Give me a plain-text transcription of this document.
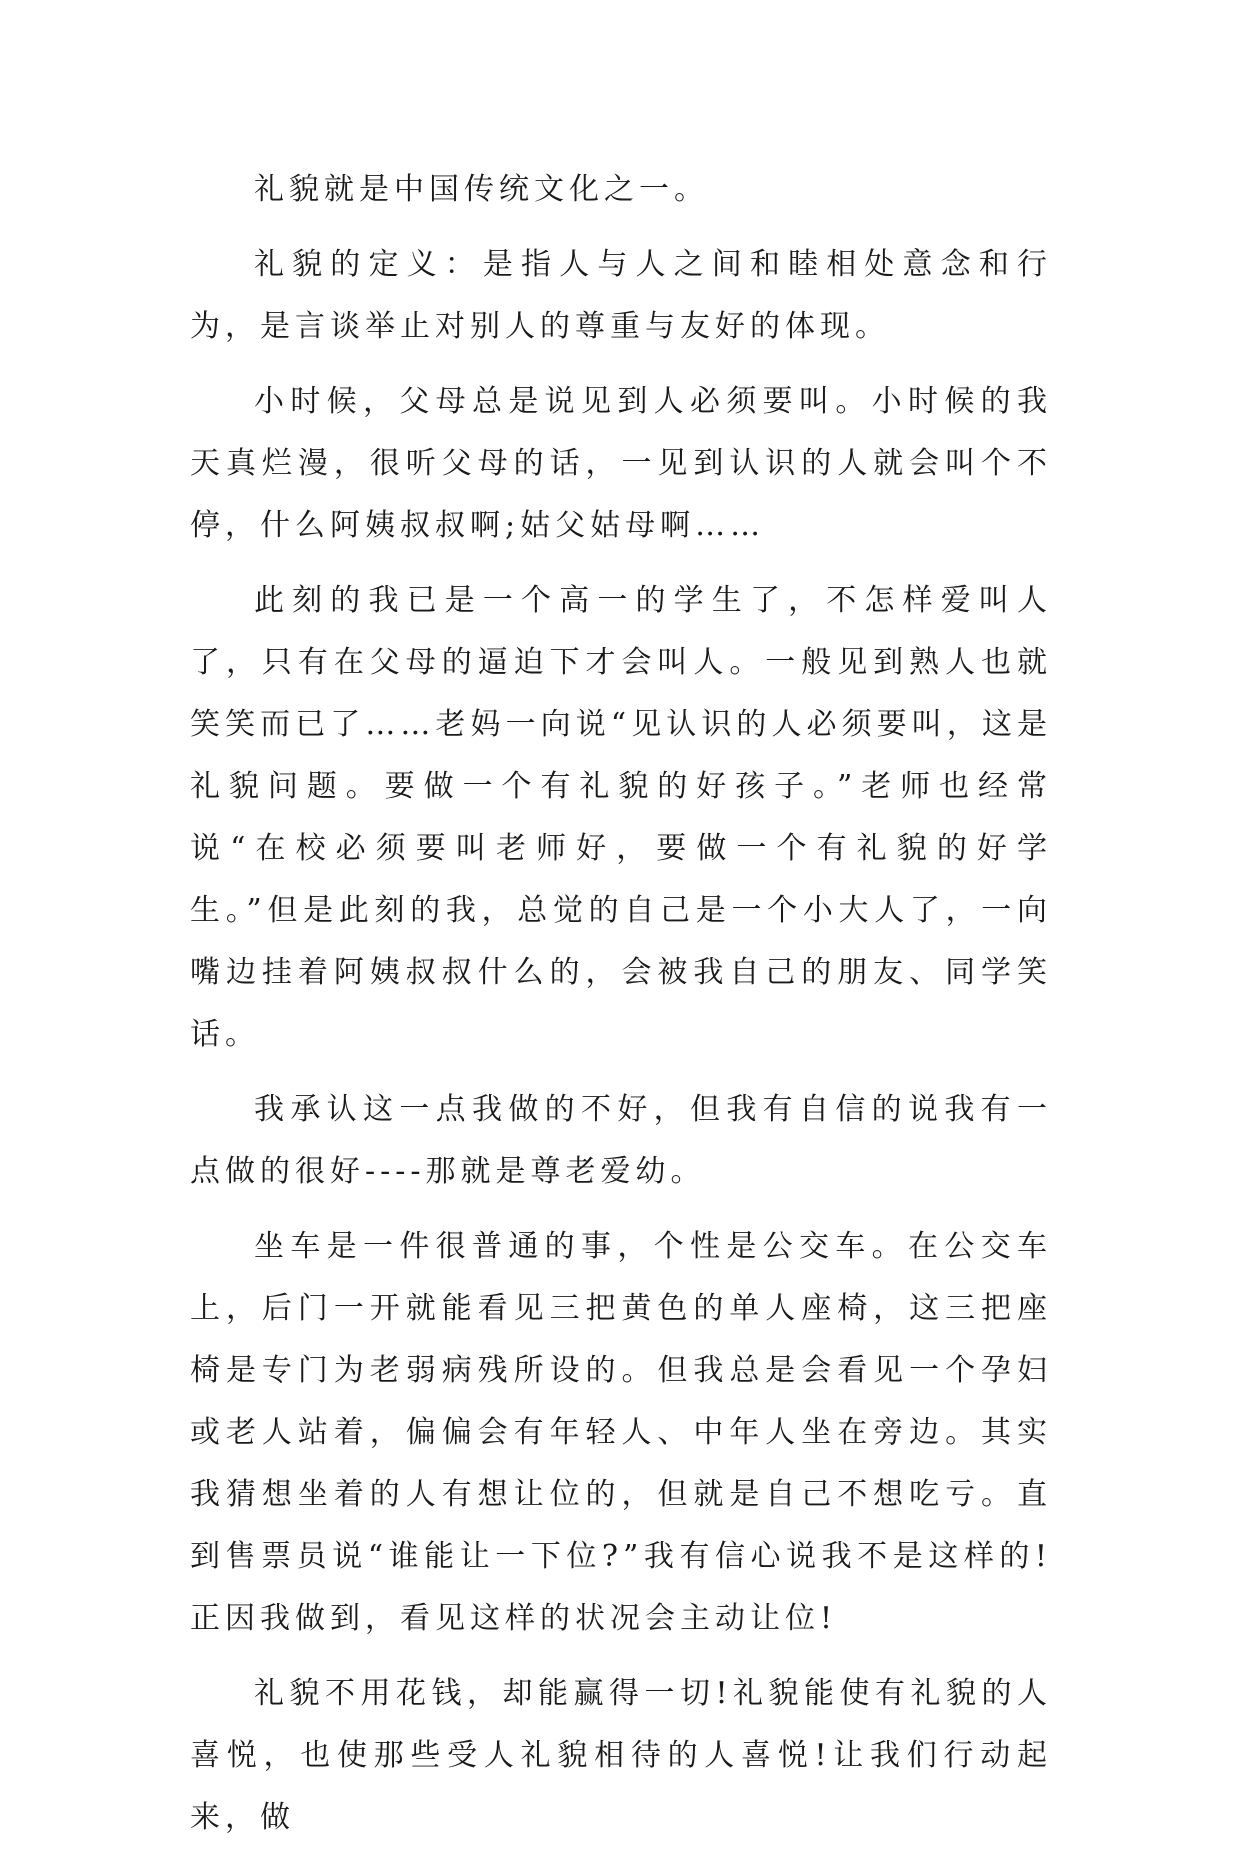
礼貌就是中国传统文化之一。

礼貌的定义：是指人与人之间和睦相处意念和行为，是言谈举止对别人的尊重与友好的体现。

小时候，父母总是说见到人必须要叫。小时候的我天真烂漫，很听父母的话，一见到认识的人就会叫个不停，什么阿姨叔叔啊;姑父姑母啊……

此刻的我已是一个高一的学生了，不怎样爱叫人了，只有在父母的逼迫下才会叫人。一般见到熟人也就笑笑而已了……老妈一向说“见认识的人必须要叫，这是礼貌问题。要做一个有礼貌的好孩子。”老师也经常说“在校必须要叫老师好，要做一个有礼貌的好学生。”但是此刻的我，总觉的自己是一个小大人了，一向嘴边挂着阿姨叔叔什么的，会被我自己的朋友、同学笑话。

我承认这一点我做的不好，但我有自信的说我有一点做的很好----那就是尊老爱幼。

坐车是一件很普通的事，个性是公交车。在公交车上，后门一开就能看见三把黄色的单人座椅，这三把座椅是专门为老弱病残所设的。但我总是会看见一个孕妇或老人站着，偏偏会有年轻人、中年人坐在旁边。其实我猜想坐着的人有想让位的，但就是自己不想吃亏。直到售票员说“谁能让一下位?”我有信心说我不是这样的!正因我做到，看见这样的状况会主动让位!

礼貌不用花钱，却能赢得一切!礼貌能使有礼貌的人喜悦，也使那些受人礼貌相待的人喜悦!让我们行动起来，做
